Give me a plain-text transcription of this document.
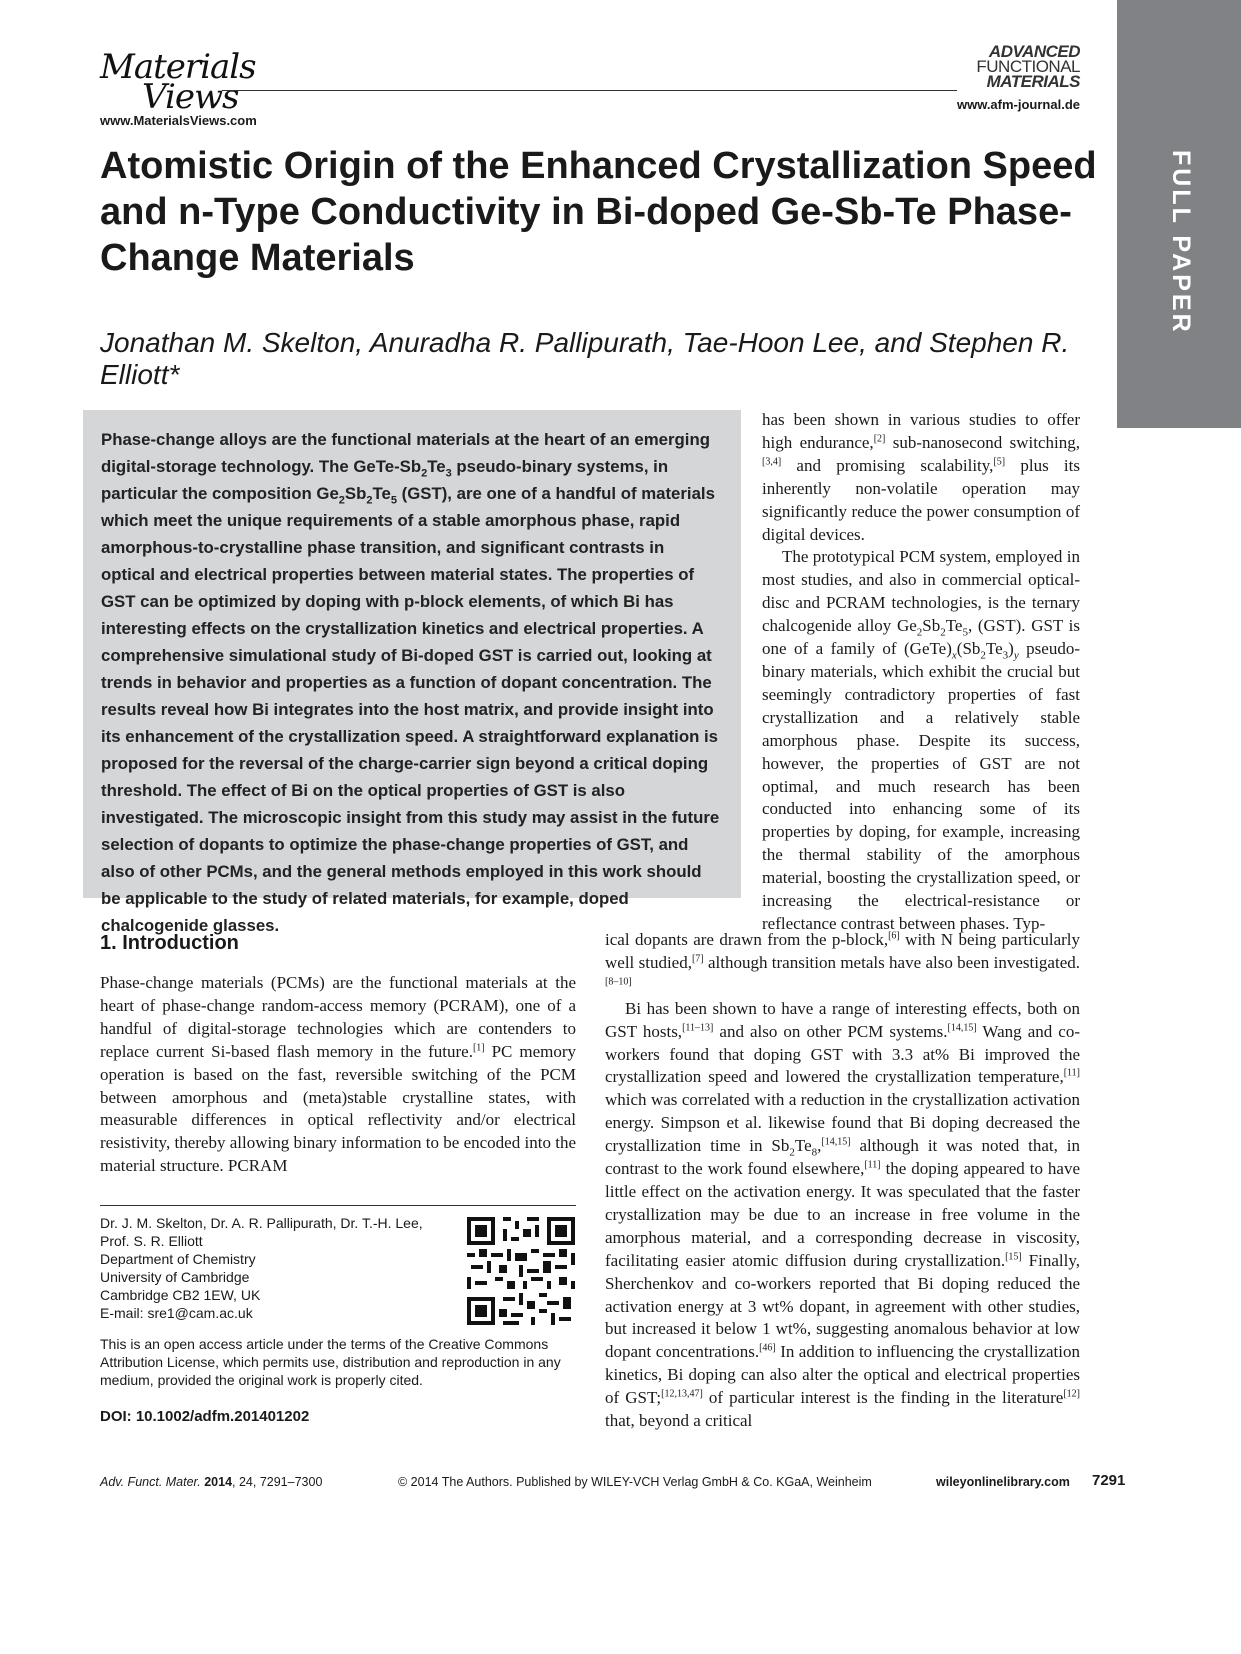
Materials
Views
www.MaterialsViews.com
ADVANCED
FUNCTIONAL
MATERIALS
www.afm-journal.de
FULL PAPER
Atomistic Origin of the Enhanced Crystallization Speed and n-Type Conductivity in Bi-doped Ge-Sb-Te Phase-Change Materials
Jonathan M. Skelton, Anuradha R. Pallipurath, Tae-Hoon Lee, and Stephen R. Elliott*

Phase-change alloys are the functional materials at the heart of an emerging digital-storage technology. The GeTe-$Sb_2Te_3$ pseudo-binary systems, in particular the composition $Ge_2Sb_2Te_5$ (GST), are one of a handful of materials which meet the unique requirements of a stable amorphous phase, rapid amorphous-to-crystalline phase transition, and significant contrasts in optical and electrical properties between material states. The properties of GST can be optimized by doping with p-block elements, of which Bi has interesting effects on the crystallization kinetics and electrical properties. A comprehensive simulational study of Bi-doped GST is carried out, looking at trends in behavior and properties as a function of dopant concentration. The results reveal how Bi integrates into the host matrix, and provide insight into its enhancement of the crystallization speed. A straightforward explanation is proposed for the reversal of the charge-carrier sign beyond a critical doping threshold. The effect of Bi on the optical properties of GST is also investigated. The microscopic insight from this study may assist in the future selection of dopants to optimize the phase-change properties of GST, and also of other PCMs, and the general methods employed in this work should be applicable to the study of related materials, for example, doped chalcogenide glasses.

has been shown in various studies to offer high endurance,[2] sub-nanosecond switching,[3,4] and promising scalability,[5] plus its inherently non-volatile operation may significantly reduce the power consumption of digital devices.

The prototypical PCM system, employed in most studies, and also in commercial optical-disc and PCRAM technologies, is the ternary chalcogenide alloy $Ge_2Sb_2Te_5$, (GST). GST is one of a family of $(GeTe)_x(Sb_2Te_3)_y$ pseudo-binary materials, which exhibit the crucial but seemingly contradictory properties of fast crystallization and a relatively stable amorphous phase. Despite its success, however, the properties of GST are not optimal, and much research has been conducted into enhancing some of its properties by doping, for example, increasing the thermal stability of the amorphous material, boosting the crystallization speed, or increasing the electrical-resistance or reflectance contrast between phases. Typ-

ical dopants are drawn from the p-block,[6] with N being particularly well studied,[7] although transition metals have also been investigated.[8–10]

Bi has been shown to have a range of interesting effects, both on GST hosts,[11–13] and also on other PCM systems.[14,15] Wang and co-workers found that doping GST with 3.3 at% Bi improved the crystallization speed and lowered the crystallization temperature,[11] which was correlated with a reduction in the crystallization activation energy. Simpson et al. likewise found that Bi doping decreased the crystallization time in $Sb_2Te_8,[14,15]$ although it was noted that, in contrast to the work found elsewhere,[11] the doping appeared to have little effect on the activation energy. It was speculated that the faster crystallization may be due to an increase in free volume in the amorphous material, and a corresponding decrease in viscosity, facilitating easier atomic diffusion during crystallization.[15] Finally, Sherchenkov and co-workers reported that Bi doping reduced the activation energy at 3 wt% dopant, in agreement with other studies, but increased it below 1 wt%, suggesting anomalous behavior at low dopant concentrations.[46] In addition to influencing the crystallization kinetics, Bi doping can also alter the optical and electrical properties of GST;[12,13,47] of particular interest is the finding in the literature[12] that, beyond a critical

1. Introduction

Phase-change materials (PCMs) are the functional materials at the heart of phase-change random-access memory (PCRAM), one of a handful of digital-storage technologies which are contenders to replace current Si-based flash memory in the future.[1] PC memory operation is based on the fast, reversible switching of the PCM between amorphous and (meta)stable crystalline states, with measurable differences in optical reflectivity and/or electrical resistivity, thereby allowing binary information to be encoded into the material structure. PCRAM

Dr. J. M. Skelton, Dr. A. R. Pallipurath, Dr. T.-H. Lee,
Prof. S. R. Elliott
Department of Chemistry
University of Cambridge
Cambridge CB2 1EW, UK
E-mail: sre1@cam.ac.uk
This is an open access article under the terms of the Creative Commons Attribution License, which permits use, distribution and reproduction in any medium, provided the original work is properly cited.
DOI: 10.1002/adfm.201401202
Adv. Funct. Mater. 2014, 24, 7291–7300	© 2014 The Authors. Published by WILEY-VCH Verlag GmbH & Co. KGaA, Weinheim	wileyonlinelibrary.com 7291
